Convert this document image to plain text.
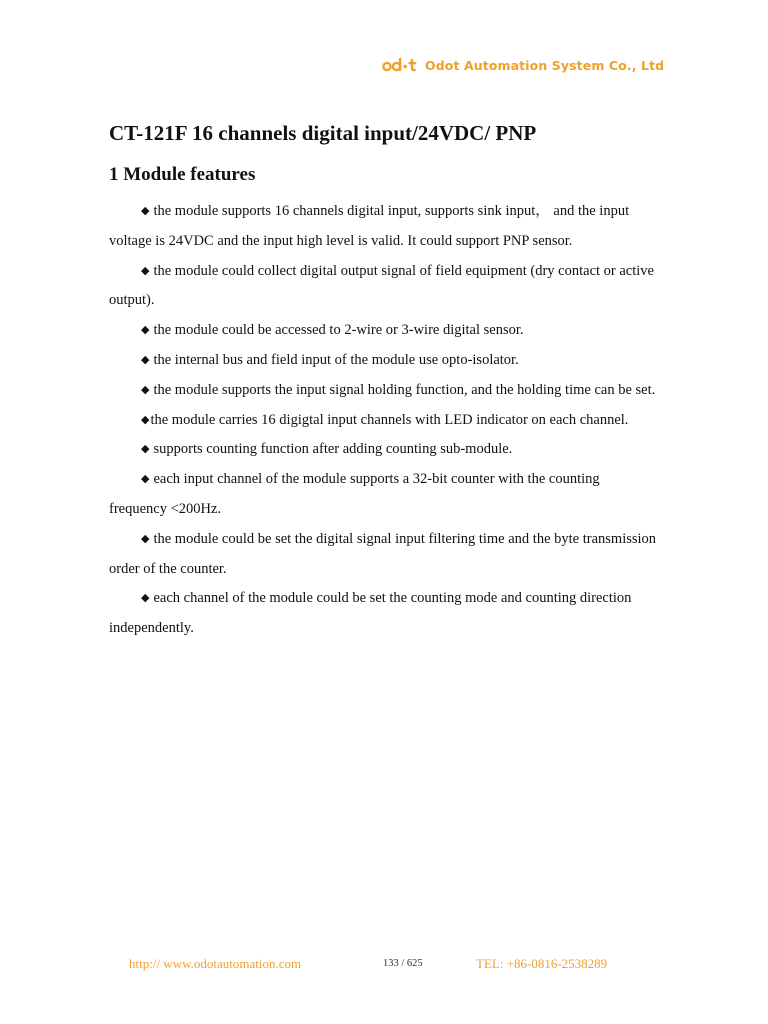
Odot Automation System Co., Ltd
CT-121F 16 channels digital input/24VDC/ PNP
1 Module features
◆ the module supports 16 channels digital input, supports sink input， and the input voltage is 24VDC and the input high level is valid. It could support PNP sensor.
◆ the module could collect digital output signal of field equipment (dry contact or active output).
◆ the module could be accessed to 2-wire or 3-wire digital sensor.
◆ the internal bus and field input of the module use opto-isolator.
◆ the module supports the input signal holding function, and the holding time can be set.
◆the module carries 16 digigtal input channels with LED indicator on each channel.
◆ supports counting function after adding counting sub-module.
◆ each input channel of the module supports a 32-bit counter with the counting frequency <200Hz.
◆ the module could be set the digital signal input filtering time and the byte transmission order of the counter.
◆ each channel of the module could be set the counting mode and counting direction independently.
http:// www.odotautomation.com	133 / 625	TEL: +86-0816-2538289
